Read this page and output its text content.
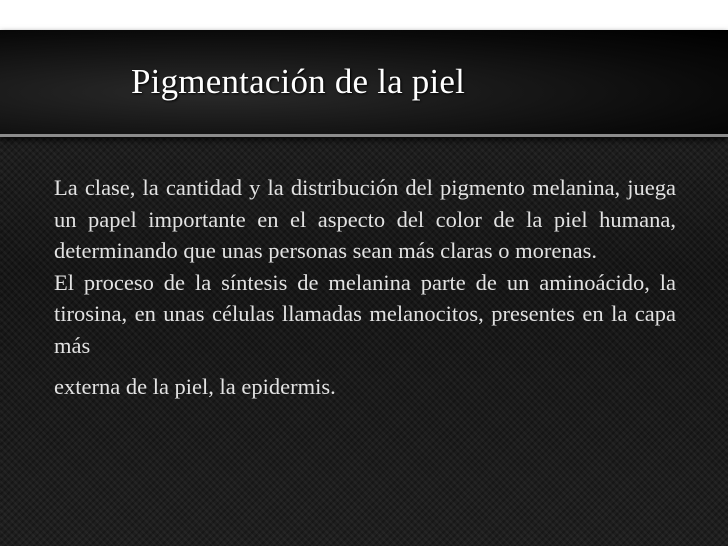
Pigmentación de la piel

La clase, la cantidad y la distribución del pigmento melanina, juega un papel importante en el aspecto del color de la piel humana, determinando que unas personas sean más claras o morenas.

El proceso de la síntesis de melanina parte de un aminoácido, la tirosina, en unas células llamadas melanocitos, presentes en la capa más

externa de la piel, la epidermis.
